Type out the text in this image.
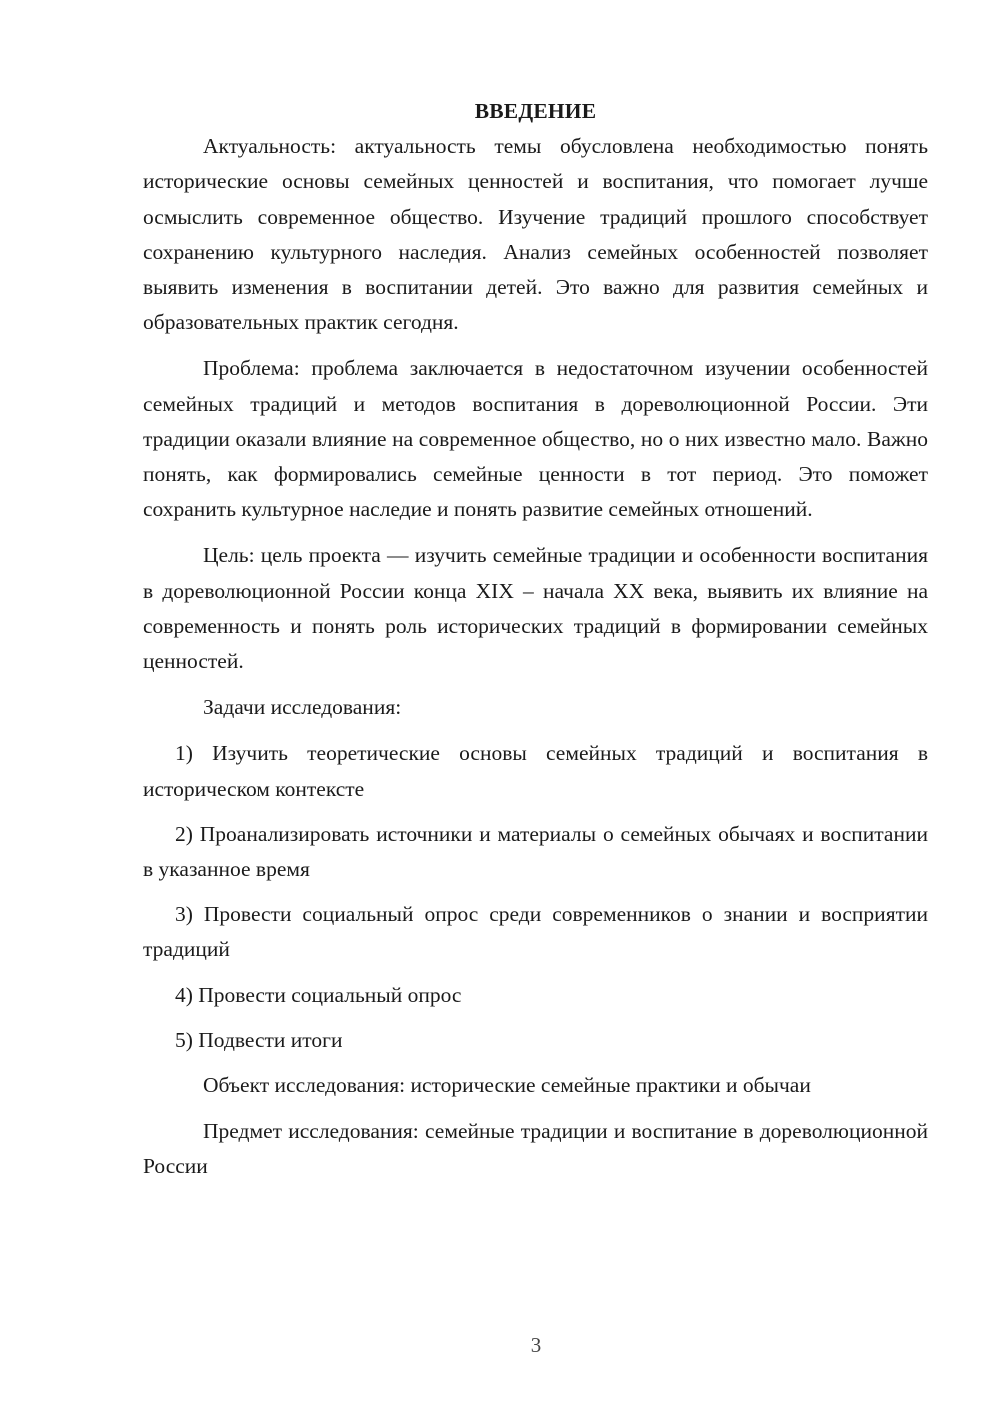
ВВЕДЕНИЕ

Актуальность: актуальность темы обусловлена необходимостью понять исторические основы семейных ценностей и воспитания, что помогает лучше осмыслить современное общество. Изучение традиций прошлого способствует сохранению культурного наследия. Анализ семейных особенностей позволяет выявить изменения в воспитании детей. Это важно для развития семейных и образовательных практик сегодня.

Проблема: проблема заключается в недостаточном изучении особенностей семейных традиций и методов воспитания в дореволюционной России. Эти традиции оказали влияние на современное общество, но о них известно мало. Важно понять, как формировались семейные ценности в тот период. Это поможет сохранить культурное наследие и понять развитие семейных отношений.

Цель: цель проекта — изучить семейные традиции и особенности воспитания в дореволюционной России конца XIX – начала XX века, выявить их влияние на современность и понять роль исторических традиций в формировании семейных ценностей.

Задачи исследования:

1) Изучить теоретические основы семейных традиций и воспитания в историческом контексте

2) Проанализировать источники и материалы о семейных обычаях и воспитании в указанное время

3) Провести социальный опрос среди современников о знании и восприятии традиций

4) Провести социальный опрос

5) Подвести итоги

Объект исследования: исторические семейные практики и обычаи

Предмет исследования: семейные традиции и воспитание в дореволюционной России

3
